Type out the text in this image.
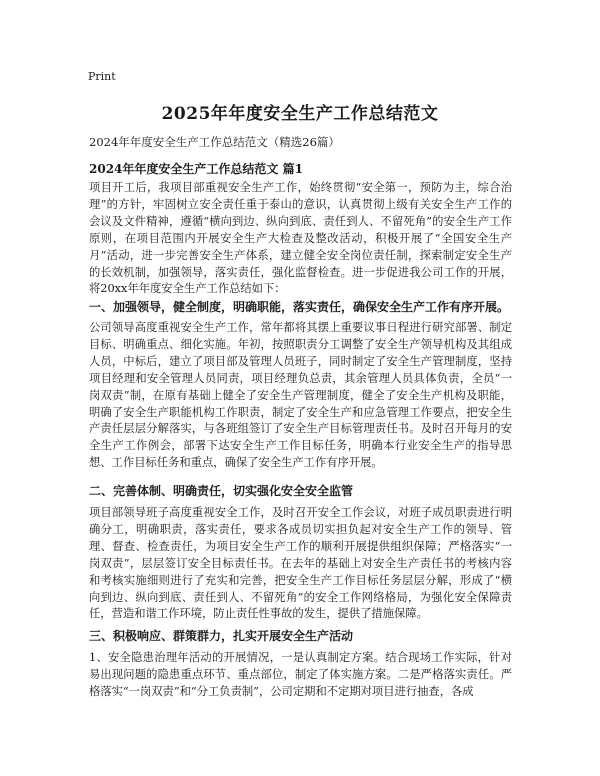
Print
2025年年度安全生产工作总结范文
2024年年度安全生产工作总结范文（精选26篇）
2024年年度安全生产工作总结范文 篇1
项目开工后，我项目部重视安全生产工作，始终贯彻“安全第一，预防为主，综合治理”的方针，牢固树立安全责任重于泰山的意识，认真贯彻上级有关安全生产工作的会议及文件精神，遵循“横向到边、纵向到底、责任到人、不留死角”的安全生产工作原则，在项目范围内开展安全生产大检查及整改活动，积极开展了“全国安全生产月”活动，进一步完善安全生产体系，建立健全安全岗位责任制，探索制定安全生产的长效机制，加强领导，落实责任，强化监督检查。进一步促进我公司工作的开展，将20xx年年度安全生产工作总结如下：
一、加强领导，健全制度，明确职能，落实责任，确保安全生产工作有序开展。
公司领导高度重视安全生产工作，常年都将其摆上重要议事日程进行研究部署、制定目标、明确重点、细化实施。年初，按照职责分工调整了安全生产领导机构及其组成人员，中标后，建立了项目部及管理人员班子，同时制定了安全生产管理制度，坚持项目经理和安全管理人员同责，项目经理负总责，其余管理人员具体负责，全员“一岗双责”制，在原有基础上健全了安全生产管理制度，健全了安全生产机构及职能，明确了安全生产职能机构工作职责，制定了安全生产和应急管理工作要点，把安全生产责任层层分解落实，与各班组签订了安全生产目标管理责任书。及时召开每月的安全生产工作例会，部署下达安全生产工作目标任务，明确本行业安全生产的指导思想、工作目标任务和重点，确保了安全生产工作有序开展。
二、完善体制、明确责任，切实强化安全安全监管
项目部领导班子高度重视安全工作，及时召开安全工作会议，对班子成员职责进行明确分工，明确职责，落实责任，要求各成员切实担负起对安全生产工作的领导、管理、督查、检查责任，为项目安全生产工作的顺利开展提供组织保障；严格落实“一岗双责”，层层签订安全目标责任书。在去年的基础上对安全生产责任书的考核内容和考核实施细则进行了充实和完善，把安全生产工作目标任务层层分解，形成了“横向到边、纵向到底、责任到人、不留死角”的安全工作网络格局，为强化安全保障责任，营造和谐工作环境，防止责任性事故的发生，提供了措施保障。
三、积极响应、群策群力，扎实开展安全生产活动
1、安全隐患治理年活动的开展情况，一是认真制定方案。结合现场工作实际，针对易出现问题的隐患重点环节、重点部位，制定了体实施方案。二是严格落实责任。严格落实“一岗双责”和“分工负责制”，公司定期和不定期对项目进行抽查，各成
